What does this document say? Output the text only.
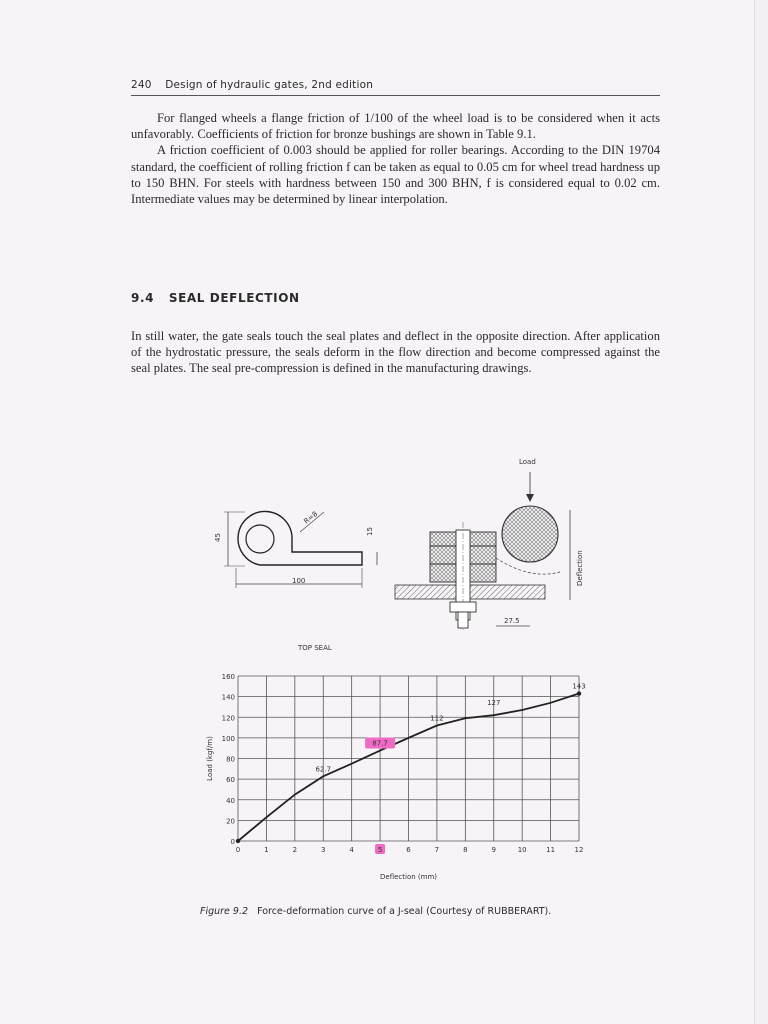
240 Design of hydraulic gates, 2nd edition

For flanged wheels a flange friction of 1/100 of the wheel load is to be considered when it acts unfavorably. Coefficients of friction for bronze bushings are shown in Table 9.1.

A friction coefficient of 0.003 should be applied for roller bearings. According to the DIN 19704 standard, the coefficient of rolling friction f can be taken as equal to 0.05 cm for wheel tread hardness up to 150 BHN. For steels with hardness between 150 and 300 BHN, f is considered equal to 0.02 cm. Intermediate values may be determined by linear interpolation.

9.4 SEAL DEFLECTION

In still water, the gate seals touch the seal plates and deflect in the opposite direction. After application of the hydrostatic pressure, the seals deform in the flow direction and become compressed against the seal plates. The seal pre-compression is defined in the manufacturing drawings.

45
R=8
100
15
TOP SEAL
Load
Deflection
27.5
0	1	2	3	4	5	6	7	8	9	10	11	12
0
20
40
60
80
100
120
140
160
62.7
87.7
112
127
143
Deflection (mm)
Load (kgf/m)
Figure 9.2 Force-deformation curve of a J-seal (Courtesy of RUBBERART).
